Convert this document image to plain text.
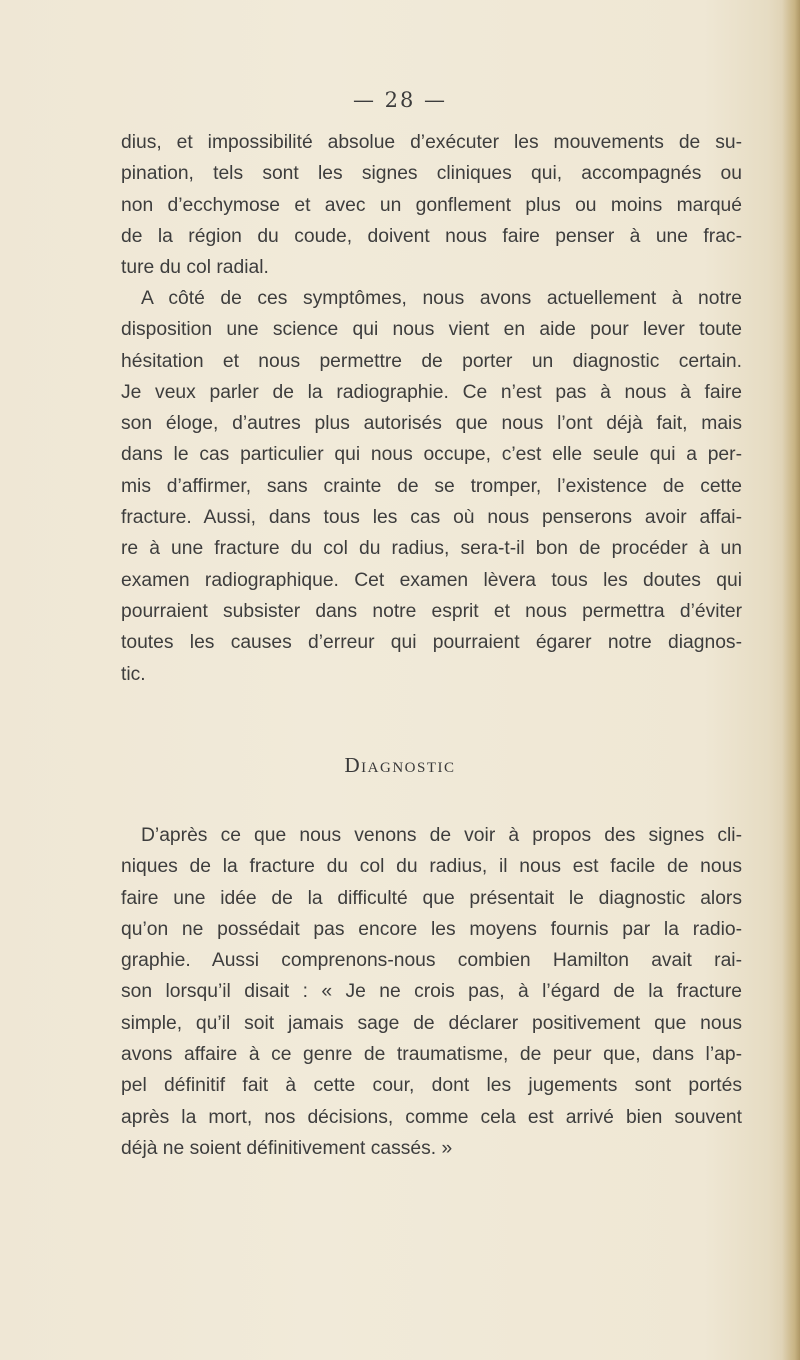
— 28 —
dius, et impossibilité absolue d’exécuter les mouvements de su-
pination, tels sont les signes cliniques qui, accompagnés ou
non d’ecchymose et avec un gonflement plus ou moins marqué
de la région du coude, doivent nous faire penser à une frac-
ture du col radial.
A côté de ces symptômes, nous avons actuellement à notre
disposition une science qui nous vient en aide pour lever toute
hésitation et nous permettre de porter un diagnostic certain.
Je veux parler de la radiographie. Ce n’est pas à nous à faire
son éloge, d’autres plus autorisés que nous l’ont déjà fait, mais
dans le cas particulier qui nous occupe, c’est elle seule qui a per-
mis d’affirmer, sans crainte de se tromper, l’existence de cette
fracture. Aussi, dans tous les cas où nous penserons avoir affai-
re à une fracture du col du radius, sera-t-il bon de procéder à un
examen radiographique. Cet examen lèvera tous les doutes qui
pourraient subsister dans notre esprit et nous permettra d’éviter
toutes les causes d’erreur qui pourraient égarer notre diagnos-
tic.
Diagnostic
D’après ce que nous venons de voir à propos des signes cli-
niques de la fracture du col du radius, il nous est facile de nous
faire une idée de la difficulté que présentait le diagnostic alors
qu’on ne possédait pas encore les moyens fournis par la radio-
graphie. Aussi comprenons-nous combien Hamilton avait rai-
son lorsqu’il disait : « Je ne crois pas, à l’égard de la fracture
simple, qu’il soit jamais sage de déclarer positivement que nous
avons affaire à ce genre de traumatisme, de peur que, dans l’ap-
pel définitif fait à cette cour, dont les jugements sont portés
après la mort, nos décisions, comme cela est arrivé bien souvent
déjà ne soient définitivement cassés. »
